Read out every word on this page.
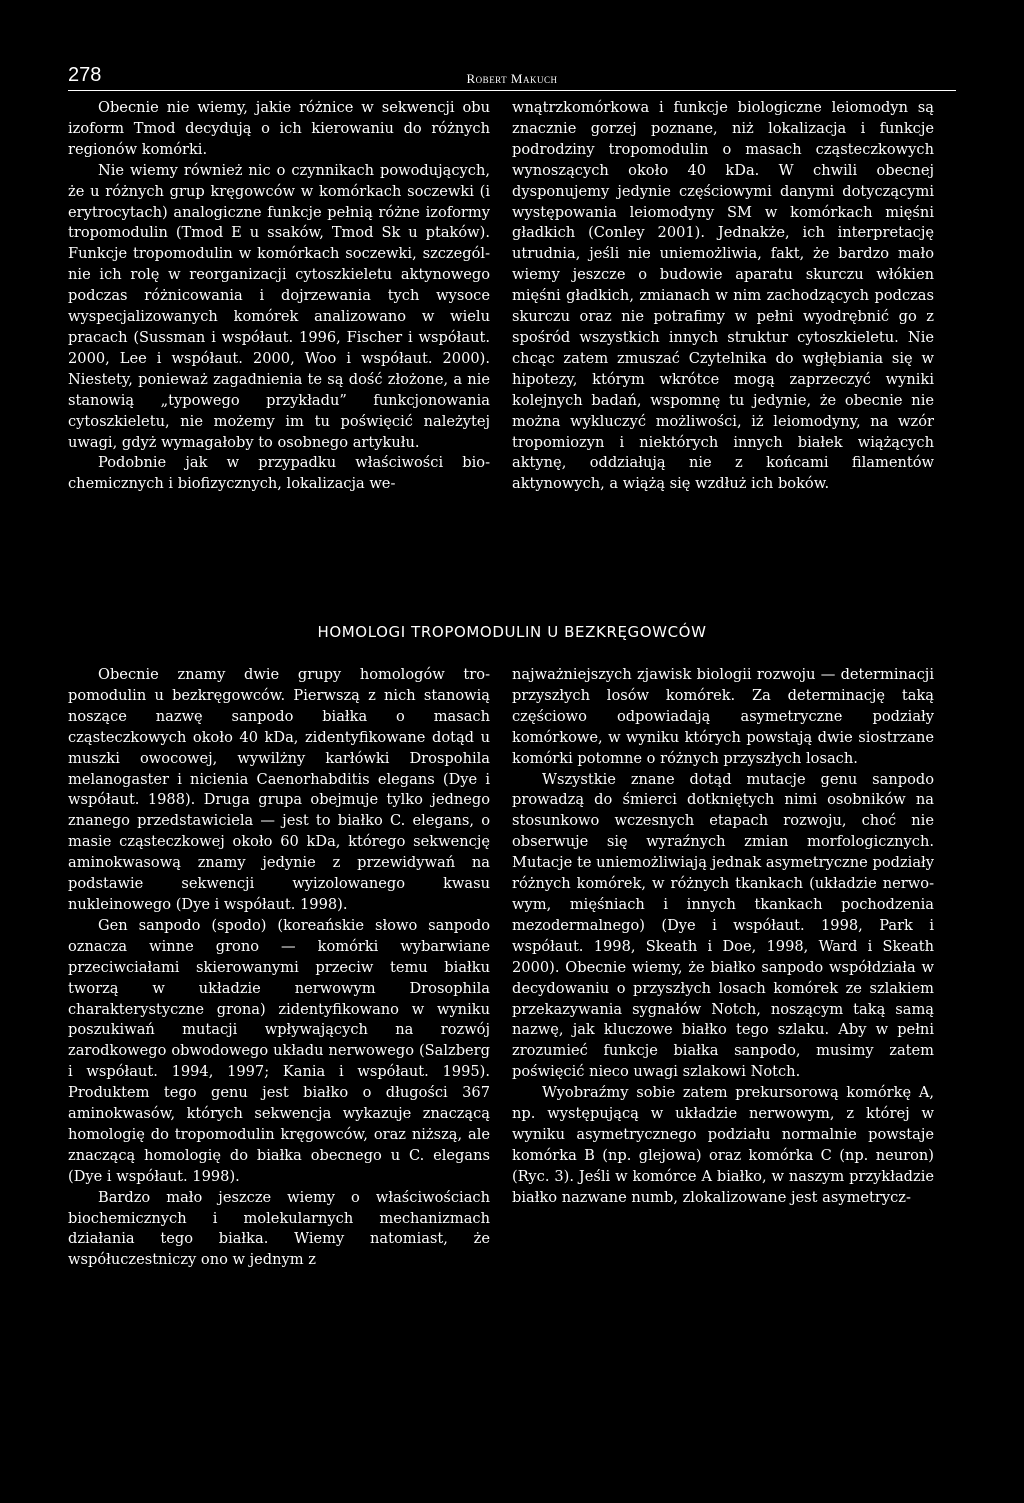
278	Robert Makuch

Obecnie nie wiemy, jakie różnice w sekwencji obu izoform Tmod decydują o ich kierowaniu do różnych regionów komórki.

Nie wiemy również nic o czynnikach powodujących, że u różnych grup kręgowców w komórkach soczewki (i erytrocytach) analogiczne funkcje pełnią różne izoformy tropomodulin (Tmod E u ssaków, Tmod Sk u ptaków). Funkcje tropomodulin w komórkach soczewki, szczególnie ich rolę w reorganizacji cytoszkieletu aktynowego podczas różnicowania i dojrzewania tych wysoce wyspecjalizowanych komórek analizowano w wielu pracach (Sussman i współaut. 1996, Fischer i współaut. 2000, Lee i współaut. 2000, Woo i współaut. 2000). Niestety, ponieważ zagadnienia te są dość złożone, a nie stanowią „typowego przykładu” funkcjonowania cytoszkieletu, nie możemy im tu poświęcić należytej uwagi, gdyż wymagałoby to osobnego artykułu.

Podobnie jak w przypadku właściwości biochemicznych i biofizycznych, lokalizacja we-

wnątrzkomórkowa i funkcje biologiczne leiomodyn są znacznie gorzej poznane, niż lokalizacja i funkcje podrodziny tropomodulin o masach cząsteczkowych wynoszących około 40 kDa. W chwili obecnej dysponujemy jedynie częściowymi danymi dotyczącymi występowania leiomodyny SM w komórkach mięśni gładkich (Conley 2001). Jednakże, ich interpretację utrudnia, jeśli nie uniemożliwia, fakt, że bardzo mało wiemy jeszcze o budowie aparatu skurczu włókien mięśni gładkich, zmianach w nim zachodzących podczas skurczu oraz nie potrafimy w pełni wyodrębnić go z spośród wszystkich innych struktur cytoszkieletu. Nie chcąc zatem zmuszać Czytelnika do wgłębiania się w hipotezy, którym wkrótce mogą zaprzeczyć wyniki kolejnych badań, wspomnę tu jedynie, że obecnie nie można wykluczyć możliwości, iż leiomodyny, na wzór tropomiozyn i niektórych innych białek wiążących aktynę, oddziałują nie z końcami filamentów aktynowych, a wiążą się wzdłuż ich boków.

HOMOLOGI TROPOMODULIN U BEZKRĘGOWCÓW

Obecnie znamy dwie grupy homologów tropomodulin u bezkręgowców. Pierwszą z nich stanowią noszące nazwę sanpodo białka o masach cząsteczkowych około 40 kDa, zidentyfikowane dotąd u muszki owocowej, wywilżny karłówki Drospohila melanogaster i nicienia Caenorhabditis elegans (Dye i współaut. 1988). Druga grupa obejmuje tylko jednego znanego przedstawiciela — jest to białko C. elegans, o masie cząsteczkowej około 60 kDa, którego sekwencję aminokwasową znamy jedynie z przewidywań na podstawie sekwencji wyizolowanego kwasu nukleinowego (Dye i współaut. 1998).

Gen sanpodo (spodo) (koreańskie słowo sanpodo oznacza winne grono — komórki wybarwiane przeciwciałami skierowanymi przeciw temu białku tworzą w układzie nerwowym Drosophila charakterystyczne grona) zidentyfikowano w wyniku poszukiwań mutacji wpływających na rozwój zarodkowego obwodowego układu nerwowego (Salzberg i współaut. 1994, 1997; Kania i współaut. 1995). Produktem tego genu jest białko o długości 367 aminokwasów, których sekwencja wykazuje znaczącą homologię do tropomodulin kręgowców, oraz niższą, ale znaczącą homologię do białka obecnego u C. elegans (Dye i współaut. 1998).

Bardzo mało jeszcze wiemy o właściwościach biochemicznych i molekularnych mechanizmach działania tego białka. Wiemy natomiast, że współuczestniczy ono w jednym z

najważniejszych zjawisk biologii rozwoju — determinacji przyszłych losów komórek. Za determinację taką częściowo odpowiadają asymetryczne podziały komórkowe, w wyniku których powstają dwie siostrzane komórki potomne o różnych przyszłych losach.

Wszystkie znane dotąd mutacje genu sanpodo prowadzą do śmierci dotkniętych nimi osobników na stosunkowo wczesnych etapach rozwoju, choć nie obserwuje się wyraźnych zmian morfologicznych. Mutacje te uniemożliwiają jednak asymetryczne podziały różnych komórek, w różnych tkankach (układzie nerwowym, mięśniach i innych tkankach pochodzenia mezodermalnego) (Dye i współaut. 1998, Park i współaut. 1998, Skeath i Doe, 1998, Ward i Skeath 2000). Obecnie wiemy, że białko sanpodo współdziała w decydowaniu o przyszłych losach komórek ze szlakiem przekazywania sygnałów Notch, noszącym taką samą nazwę, jak kluczowe białko tego szlaku. Aby w pełni zrozumieć funkcje białka sanpodo, musimy zatem poświęcić nieco uwagi szlakowi Notch.

Wyobraźmy sobie zatem prekursorową komórkę A, np. występującą w układzie nerwowym, z której w wyniku asymetrycznego podziału normalnie powstaje komórka B (np. glejowa) oraz komórka C (np. neuron) (Ryc. 3). Jeśli w komórce A białko, w naszym przykładzie białko nazwane numb, zlokalizowane jest asymetrycz-
